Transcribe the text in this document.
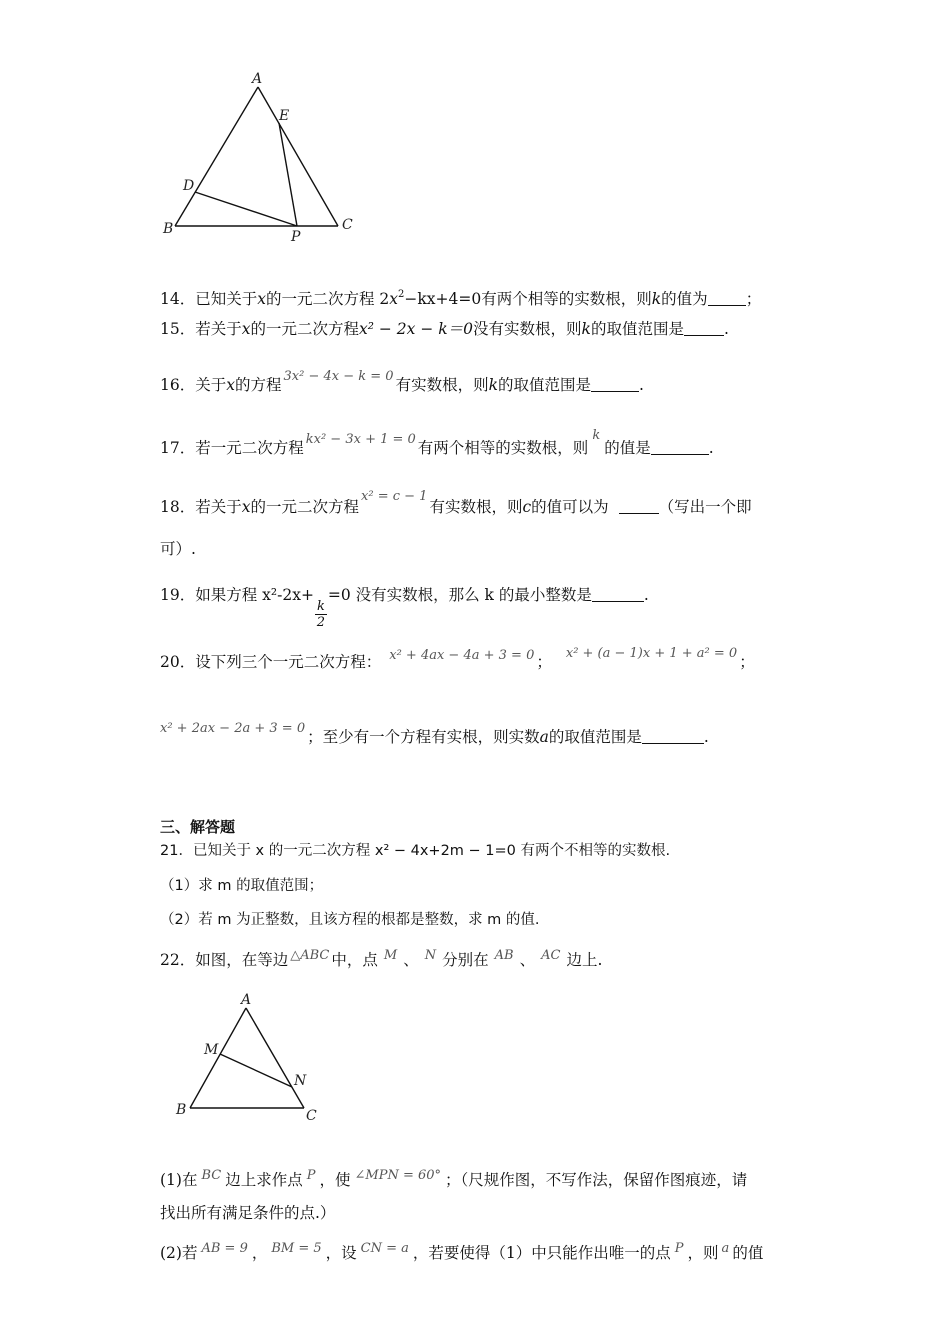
A
E
D
B	P
C
14．已知关于x的一元二次方程 $2x^2-kx+4=0$有两个相等的实数根，则k的值为 ；
15．若关于x的一元二次方程x² − 2x − k＝0没有实数根，则k的取值范围是	.
16．关于x的方程 3x² − 4x − k = 0 有实数根，则k的取值范围是	.
17．若一元二次方程 kx² − 3x + 1 = 0 有两个相等的实数根，则k的值是	.
18．若关于x的一元二次方程x² = c − 1有实数根，则c的值可以为	（写出一个即
可）.
19．如果方程 x²-2x+
$\frac{k}{2}$
=0 没有实数根，那么 k 的最小整数是	.
20．设下列三个一元二次方程： x² + 4ax − 4a + 3 = 0 ； x² + (a − 1)x + 1 + a² = 0 ；
x² + 2ax − 2a + 3 = 0 ；至少有一个方程有实根，则实数a的取值范围是	.
三、解答题
21．已知关于 x 的一元二次方程 x² − 4x+2m − 1=0 有两个不相等的实数根.
（1）求 m 的取值范围；
（2）若 m 为正整数，且该方程的根都是整数，求 m 的值.
22．如图，在等边 △ABC 中，点 M 、 N 分别在 AB 、 AC 边上.
A
M
N
B	C
(1)在 BC 边上求作点 P ，使 ∠MPN = 60° ；（尺规作图，不写作法，保留作图痕迹，请
找出所有满足条件的点.）
(2)若 AB = 9 ， BM = 5 ，设 CN = a ，若要使得（1）中只能作出唯一的点 P ，则 a 的值
